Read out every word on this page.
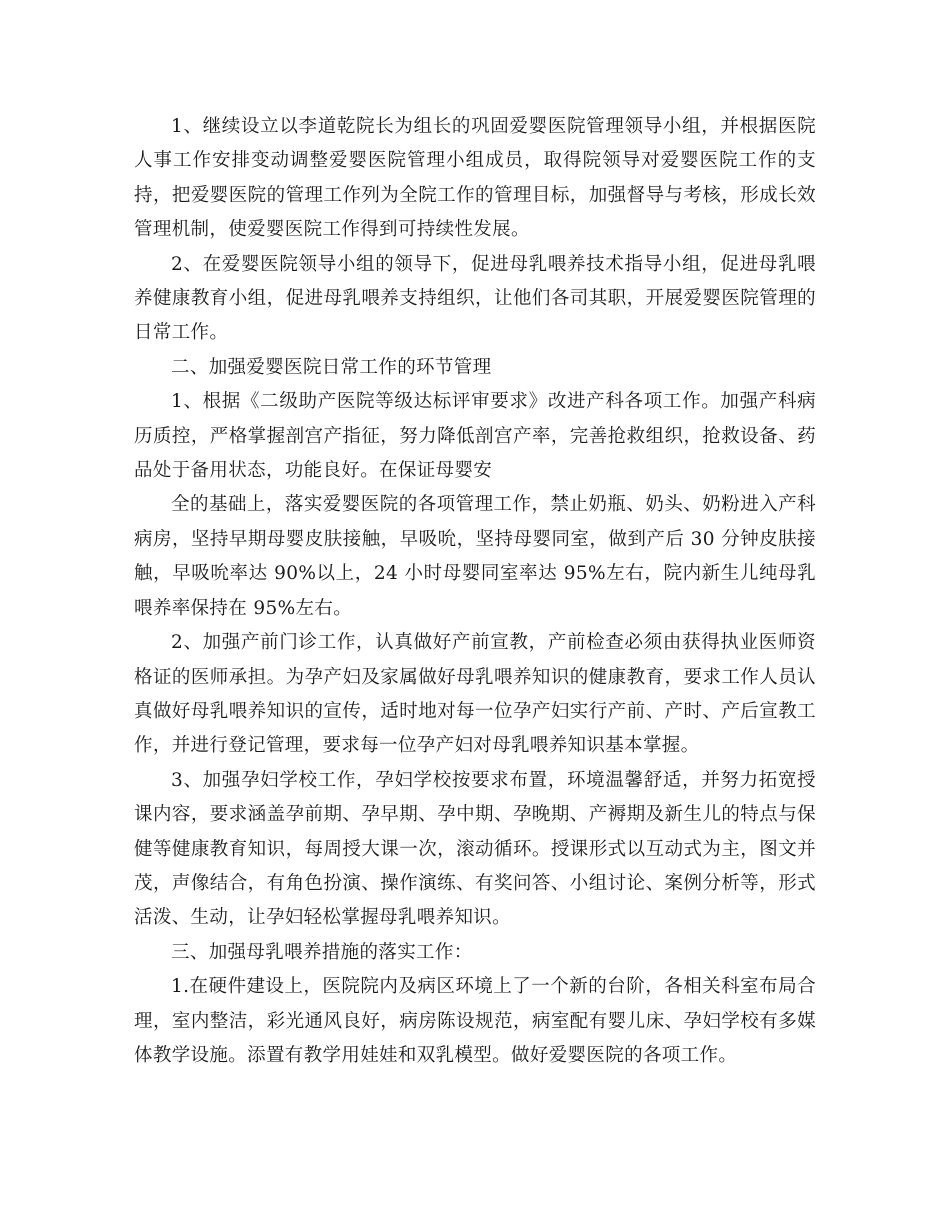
1、继续设立以李道乾院长为组长的巩固爱婴医院管理领导小组，并根据医院人事工作安排变动调整爱婴医院管理小组成员，取得院领导对爱婴医院工作的支持，把爱婴医院的管理工作列为全院工作的管理目标，加强督导与考核，形成长效管理机制，使爱婴医院工作得到可持续性发展。

2、在爱婴医院领导小组的领导下，促进母乳喂养技术指导小组，促进母乳喂养健康教育小组，促进母乳喂养支持组织，让他们各司其职，开展爱婴医院管理的日常工作。

二、加强爱婴医院日常工作的环节管理

1、根据《二级助产医院等级达标评审要求》改进产科各项工作。加强产科病历质控，严格掌握剖宫产指征，努力降低剖宫产率，完善抢救组织，抢救设备、药品处于备用状态，功能良好。在保证母婴安

全的基础上，落实爱婴医院的各项管理工作，禁止奶瓶、奶头、奶粉进入产科病房，坚持早期母婴皮肤接触，早吸吮，坚持母婴同室，做到产后 30 分钟皮肤接触，早吸吮率达 90%以上，24 小时母婴同室率达 95%左右，院内新生儿纯母乳喂养率保持在 95%左右。

2、加强产前门诊工作，认真做好产前宣教，产前检查必须由获得执业医师资格证的医师承担。为孕产妇及家属做好母乳喂养知识的健康教育，要求工作人员认真做好母乳喂养知识的宣传，适时地对每一位孕产妇实行产前、产时、产后宣教工作，并进行登记管理，要求每一位孕产妇对母乳喂养知识基本掌握。

3、加强孕妇学校工作，孕妇学校按要求布置，环境温馨舒适，并努力拓宽授课内容，要求涵盖孕前期、孕早期、孕中期、孕晚期、产褥期及新生儿的特点与保健等健康教育知识，每周授大课一次，滚动循环。授课形式以互动式为主，图文并茂，声像结合，有角色扮演、操作演练、有奖问答、小组讨论、案例分析等，形式活泼、生动，让孕妇轻松掌握母乳喂养知识。

三、加强母乳喂养措施的落实工作：

1.在硬件建设上，医院院内及病区环境上了一个新的台阶，各相关科室布局合理，室内整洁，彩光通风良好，病房陈设规范，病室配有婴儿床、孕妇学校有多媒体教学设施。添置有教学用娃娃和双乳模型。做好爱婴医院的各项工作。
